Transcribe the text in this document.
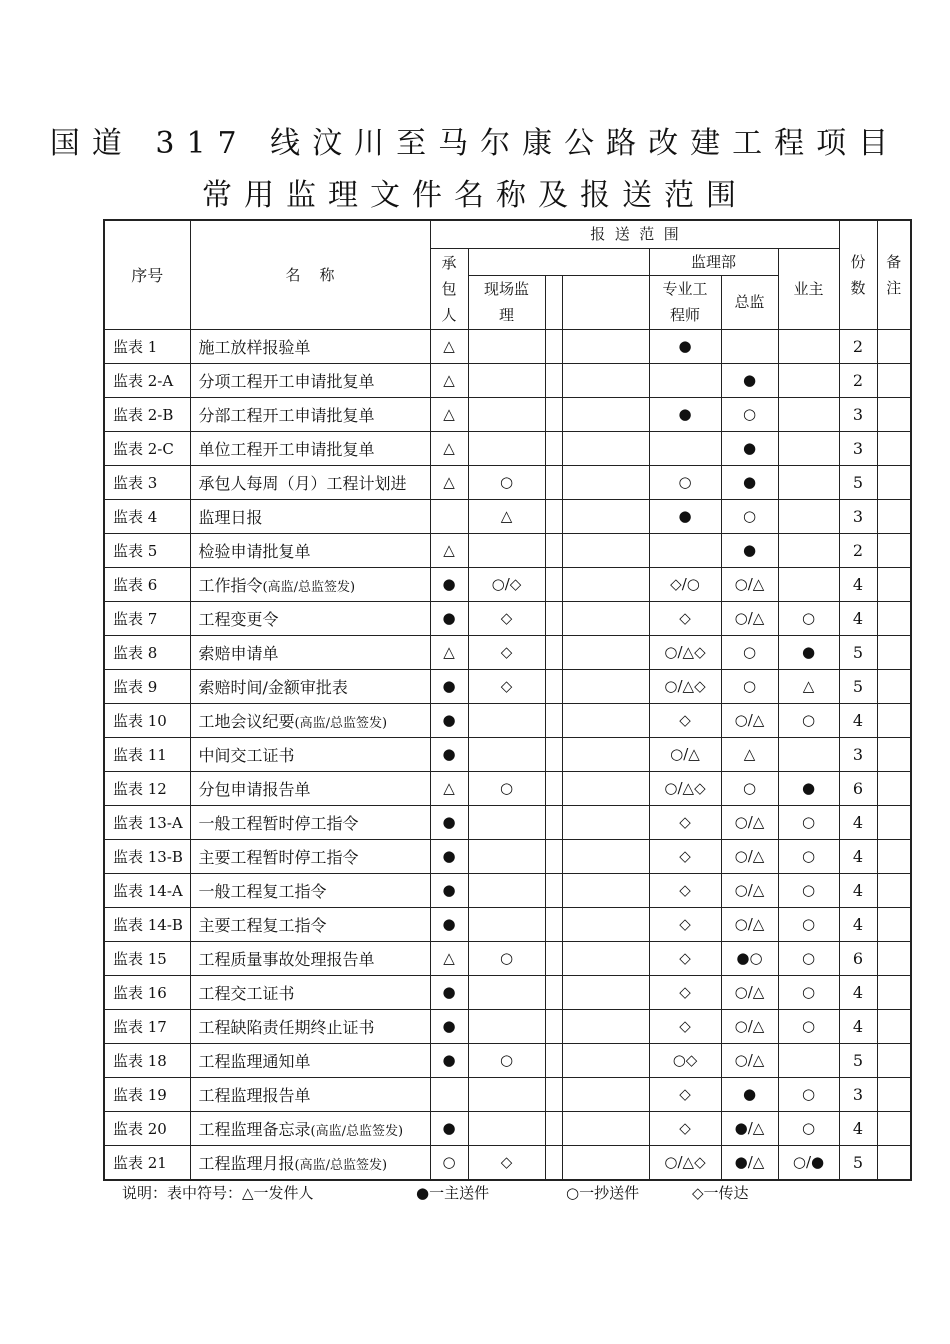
国道 317 线汶川至马尔康公路改建工程项目
常用监理文件名称及报送范围
序号	名    称	报  送  范  围							份数	备注
		承包人				监理部		业主		
			现场监理			专业工程师	总监			
监表 1	施工放样报验单	△				●			2	
监表 2-A	分项工程开工申请批复单	△					●		2	
监表 2-B	分部工程开工申请批复单	△				●	○		3	
监表 2-C	单位工程开工申请批复单	△					●		3	
监表 3	承包人每周（月）工程计划进	△	○			○	●		5	
监表 4	监理日报		△			●	○		3	
监表 5	检验申请批复单	△					●		2	
监表 6	工作指令(高监/总监签发)	●	○/◇			◇/○	○/△		4	
监表 7	工程变更令	●	◇			◇	○/△	○	4	
监表 8	索赔申请单	△	◇			○/△◇	○	●	5	
监表 9	索赔时间/金额审批表	●	◇			○/△◇	○	△	5	
监表 10	工地会议纪要(高监/总监签发)	●				◇	○/△	○	4	
监表 11	中间交工证书	●				○/△	△		3	
监表 12	分包申请报告单	△	○			○/△◇	○	●	6	
监表 13-A	一般工程暂时停工指令	●				◇	○/△	○	4	
监表 13-B	主要工程暂时停工指令	●				◇	○/△	○	4	
监表 14-A	一般工程复工指令	●				◇	○/△	○	4	
监表 14-B	主要工程复工指令	●				◇	○/△	○	4	
监表 15	工程质量事故处理报告单	△	○			◇	●○	○	6	
监表 16	工程交工证书	●				◇	○/△	○	4	
监表 17	工程缺陷责任期终止证书	●				◇	○/△	○	4	
监表 18	工程监理通知单	●	○			○◇	○/△		5	
监表 19	工程监理报告单					◇	●	○	3	
监表 20	工程监理备忘录(高监/总监签发)	●				◇	●/△	○	4	
监表 21	工程监理月报(高监/总监签发)	○	◇			○/△◇	●/△	○/●	5	
说明：表中符号：△一发件人	●一主送件	○一抄送件	◇一传达
